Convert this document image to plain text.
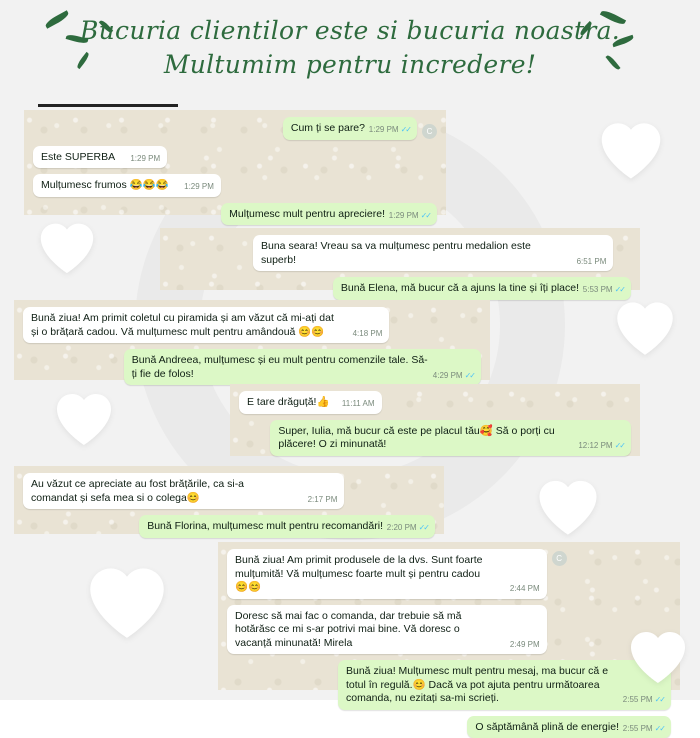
Bucuria clientilor este si bucuria noastra.
Multumim pentru incredere!
Cum ți se pare? 1:29 PM ✓✓	C
Este SUPERBA	1:29 PM
Mulțumesc frumos 😂😂😂	1:29 PM
Mulțumesc mult pentru apreciere! 1:29 PM ✓✓
Buna seara! Vreau sa va mulțumesc pentru medalion este superb!	6:51 PM
Bună Elena, mă bucur că a ajuns la tine și îți place! 5:53 PM ✓✓
Bună ziua! Am primit coletul cu piramida și am văzut că mi-ați dat și o brățară cadou. Vă mulțumesc mult pentru amândouă 😊😊	4:18 PM
Bună Andreea, mulțumesc și eu mult pentru comenzile tale. Să-ți fie de folos!	4:29 PM ✓✓
E tare drăguță!👍	11:11 AM
Super, Iulia, mă bucur că este pe placul tău🥰 Să o porți cu plăcere! O zi minunată!	12:12 PM ✓✓
Au văzut ce apreciate au fost brățările, ca si-a comandat și sefa mea si o colega😊	2:17 PM
Bună Florina, mulțumesc mult pentru recomandări! 2:20 PM ✓✓
Bună ziua! Am primit produsele de la dvs. Sunt foarte mulțumită! Vă mulțumesc foarte mult și pentru cadou 😊😊	2:44 PM
C
Doresc să mai fac o comanda, dar trebuie să mă hotărăsc ce mi s-ar potrivi mai bine. Vă doresc o vacanță minunată! Mirela	2:49 PM
Bună ziua! Mulțumesc mult pentru mesaj, ma bucur că e totul în regulă.😊 Dacă va pot ajuta pentru următoarea comanda, nu ezitați sa-mi scrieți.	2:55 PM ✓✓
O săptămână plină de energie! 2:55 PM ✓✓
